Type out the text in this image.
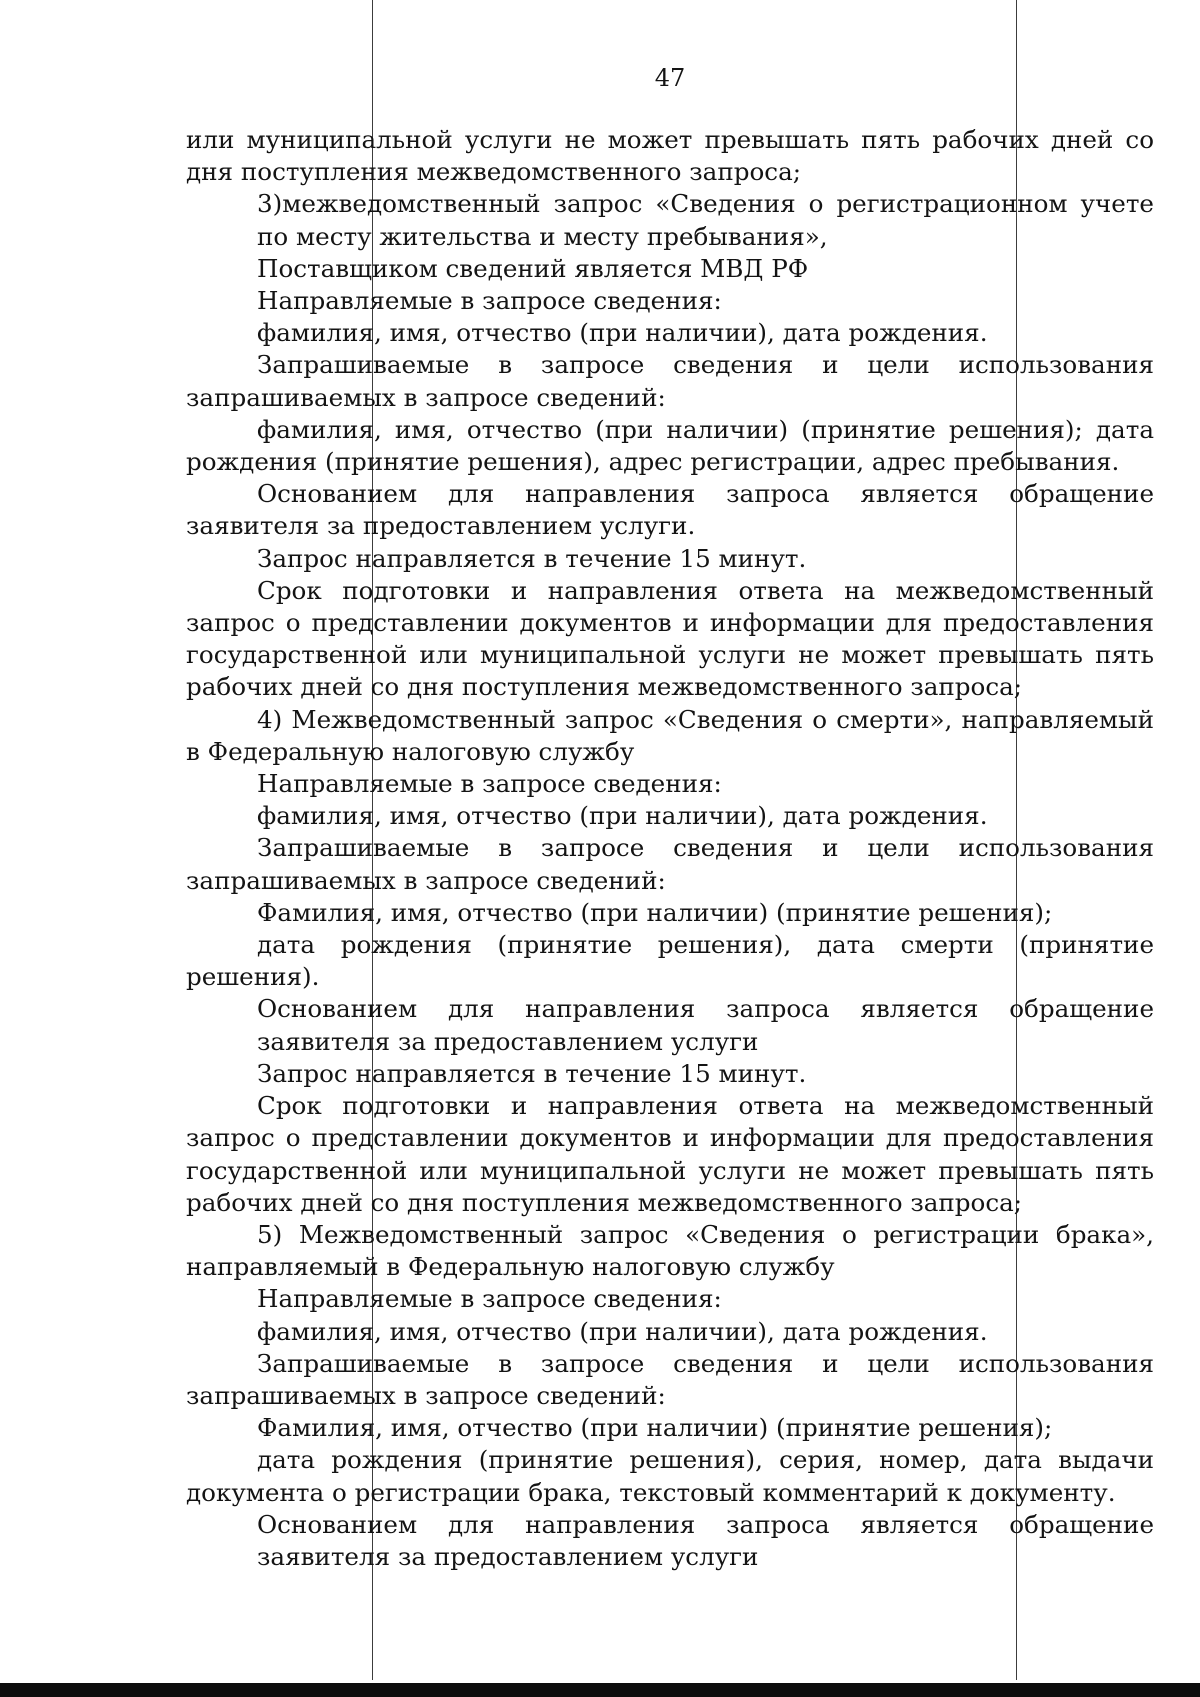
47

или муниципальной услуги не может превышать пять рабочих дней со дня поступления межведомственного запроса;

3)межведомственный запрос «Сведения о регистрационном учете по месту жительства и месту пребывания»,

Поставщиком сведений является МВД РФ

Направляемые в запросе сведения:

фамилия, имя, отчество (при наличии), дата рождения.

Запрашиваемые в запросе сведения и цели использования запрашиваемых в запросе сведений:

фамилия, имя, отчество (при наличии) (принятие решения); дата рождения (принятие решения), адрес регистрации, адрес пребывания.

Основанием для направления запроса является обращение заявителя за предоставлением услуги.

Запрос направляется в течение 15 минут.

Срок подготовки и направления ответа на межведомственный запрос о представлении документов и информации для предоставления государственной или муниципальной услуги не может превышать пять рабочих дней со дня поступления межведомственного запроса;

4) Межведомственный запрос «Сведения о смерти», направляемый в Федеральную налоговую службу

Направляемые в запросе сведения:

фамилия, имя, отчество (при наличии), дата рождения.

Запрашиваемые в запросе сведения и цели использования запрашиваемых в запросе сведений:

Фамилия, имя, отчество (при наличии) (принятие решения);

дата рождения (принятие решения), дата смерти (принятие решения).

Основанием для направления запроса является обращение заявителя за предоставлением услуги

Запрос направляется в течение 15 минут.

Срок подготовки и направления ответа на межведомственный запрос о представлении документов и информации для предоставления государственной или муниципальной услуги не может превышать пять рабочих дней со дня поступления межведомственного запроса;

5) Межведомственный запрос «Сведения о регистрации брака», направляемый в Федеральную налоговую службу

Направляемые в запросе сведения:

фамилия, имя, отчество (при наличии), дата рождения.

Запрашиваемые в запросе сведения и цели использования запрашиваемых в запросе сведений:

Фамилия, имя, отчество (при наличии) (принятие решения);

дата рождения (принятие решения), серия, номер, дата выдачи документа о регистрации брака, текстовый комментарий к документу.

Основанием для направления запроса является обращение заявителя за предоставлением услуги
